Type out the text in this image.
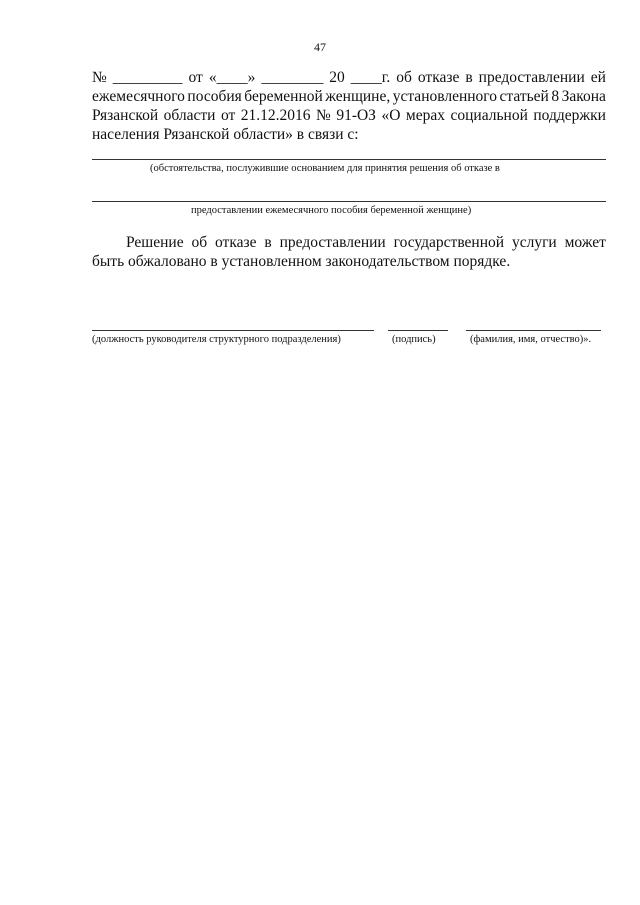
47
№ _________ от «____» ________ 20 ____г. об отказе в предоставлении ей
ежемесячного пособия беременной женщине, установленного статьей 8 Закона
Рязанской области от 21.12.2016 № 91-ОЗ «О мерах социальной поддержки
населения Рязанской области» в связи с:
(обстоятельства, послужившие основанием для принятия решения об отказе в
предоставлении ежемесячного пособия беременной женщине)
Решение об отказе в предоставлении государственной услуги может
быть обжаловано в установленном законодательством порядке.
(должность руководителя структурного подразделения)	(подпись)	(фамилия, имя, отчество)».
